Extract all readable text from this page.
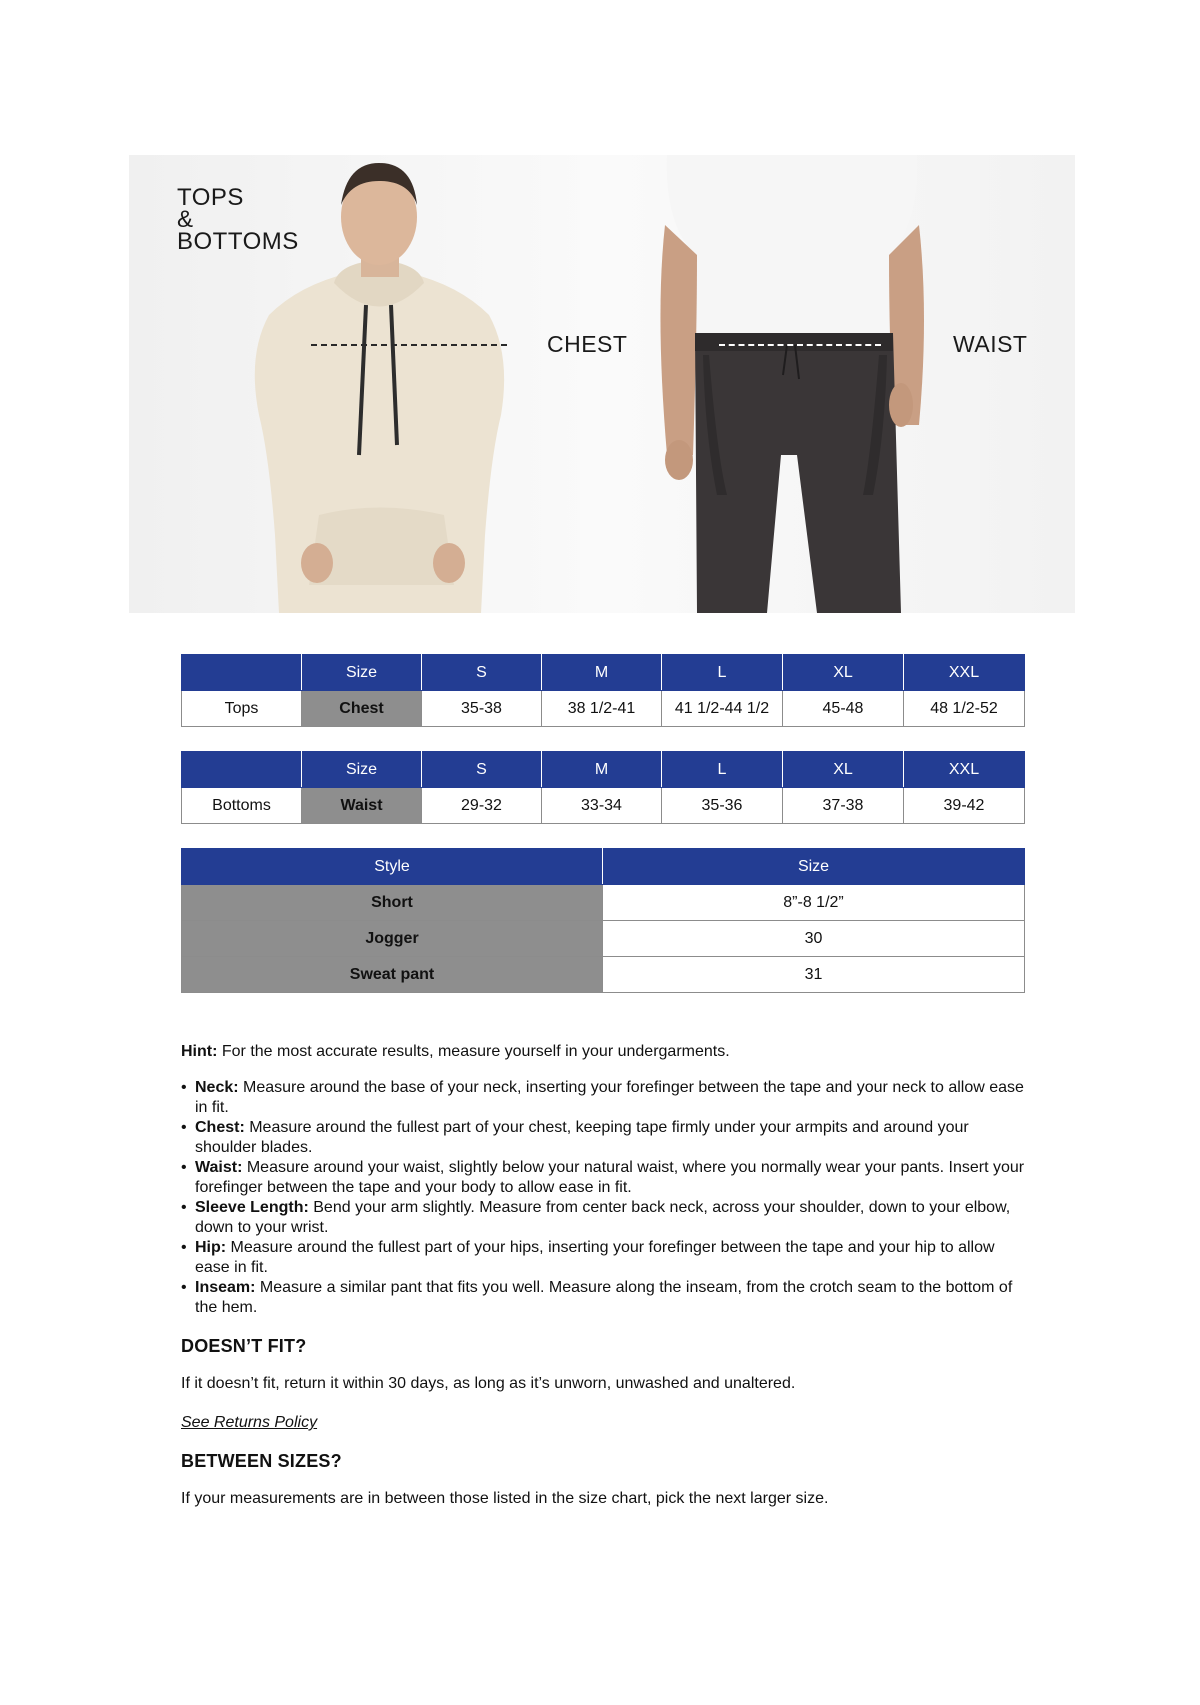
TOPS
&
BOTTOMS
CHEST	WAIST
	Size	S	M	L	XL	XXL
Tops	Chest	35-38	38 1/2-41	41 1/2-44 1/2	45-48	48 1/2-52
	Size	S	M	L	XL	XXL
Bottoms	Waist	29-32	33-34	35-36	37-38	39-42
Style	Size
Short	8”-8 1/2”
Jogger	30
Sweat pant	31
Hint: For the most accurate results, measure yourself in your undergarments.
• Neck: Measure around the base of your neck, inserting your forefinger between the tape and your neck to allow ease in fit.
• Chest: Measure around the fullest part of your chest, keeping tape firmly under your armpits and around your shoulder blades.
• Waist: Measure around your waist, slightly below your natural waist, where you normally wear your pants. Insert your forefinger between the tape and your body to allow ease in fit.
• Sleeve Length: Bend your arm slightly. Measure from center back neck, across your shoulder, down to your elbow, down to your wrist.
• Hip: Measure around the fullest part of your hips, inserting your forefinger between the tape and your hip to allow ease in fit.
• Inseam: Measure a similar pant that fits you well. Measure along the inseam, from the crotch seam to the bottom of the hem.
DOESN’T FIT?
If it doesn’t fit, return it within 30 days, as long as it’s unworn, unwashed and unaltered.
See Returns Policy
BETWEEN SIZES?
If your measurements are in between those listed in the size chart, pick the next larger size.
